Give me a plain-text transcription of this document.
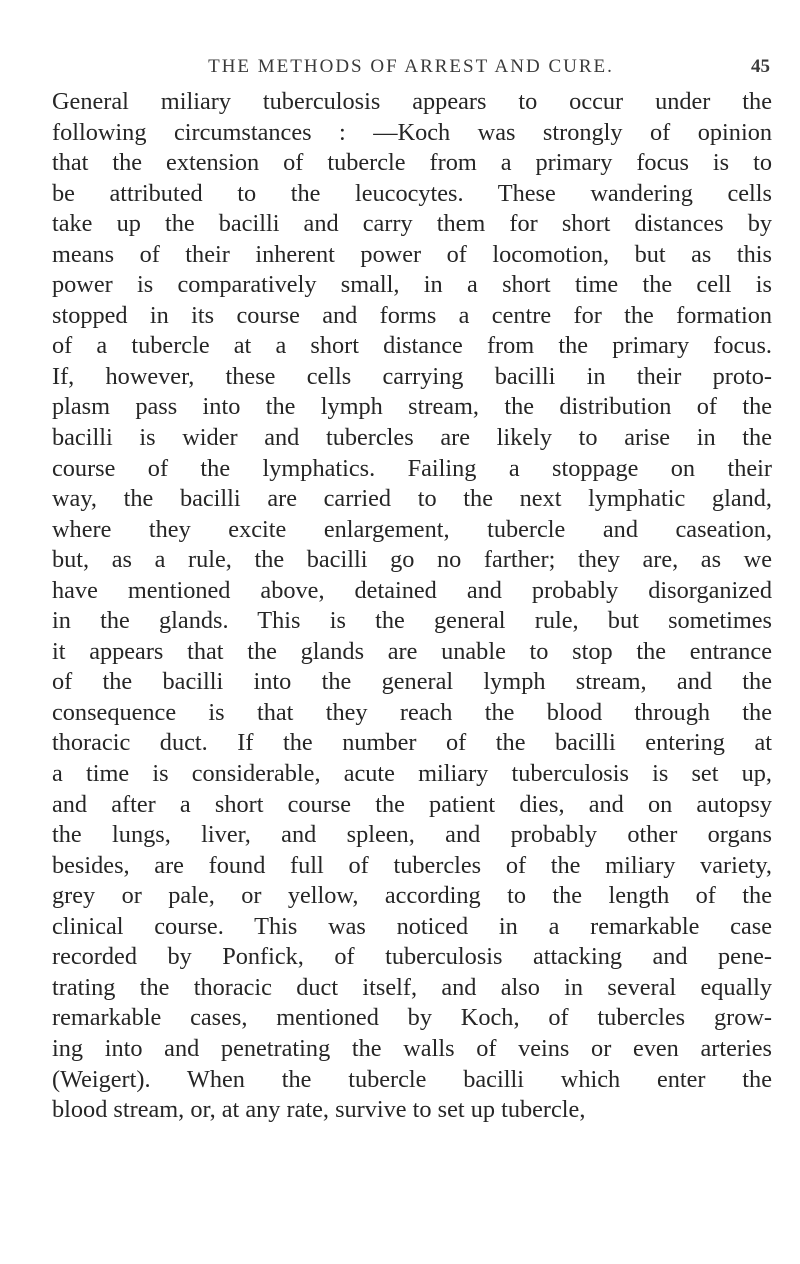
THE METHODS OF ARREST AND CURE.	45
General miliary tuberculosis appears to occur under the
following circumstances : —Koch was strongly of opinion
that the extension of tubercle from a primary focus is to
be attributed to the leucocytes. These wandering cells
take up the bacilli and carry them for short distances by
means of their inherent power of locomotion, but as this
power is comparatively small, in a short time the cell is
stopped in its course and forms a centre for the formation
of a tubercle at a short distance from the primary focus.
If, however, these cells carrying bacilli in their proto-
plasm pass into the lymph stream, the distribution of the
bacilli is wider and tubercles are likely to arise in the
course of the lymphatics. Failing a stoppage on their
way, the bacilli are carried to the next lymphatic gland,
where they excite enlargement, tubercle and caseation,
but, as a rule, the bacilli go no farther; they are, as we
have mentioned above, detained and probably disorganized
in the glands. This is the general rule, but sometimes
it appears that the glands are unable to stop the entrance
of the bacilli into the general lymph stream, and the
consequence is that they reach the blood through the
thoracic duct. If the number of the bacilli entering at
a time is considerable, acute miliary tuberculosis is set up,
and after a short course the patient dies, and on autopsy
the lungs, liver, and spleen, and probably other organs
besides, are found full of tubercles of the miliary variety,
grey or pale, or yellow, according to the length of the
clinical course. This was noticed in a remarkable case
recorded by Ponfick, of tuberculosis attacking and pene-
trating the thoracic duct itself, and also in several equally
remarkable cases, mentioned by Koch, of tubercles grow-
ing into and penetrating the walls of veins or even arteries
(Weigert). When the tubercle bacilli which enter the
blood stream, or, at any rate, survive to set up tubercle,
